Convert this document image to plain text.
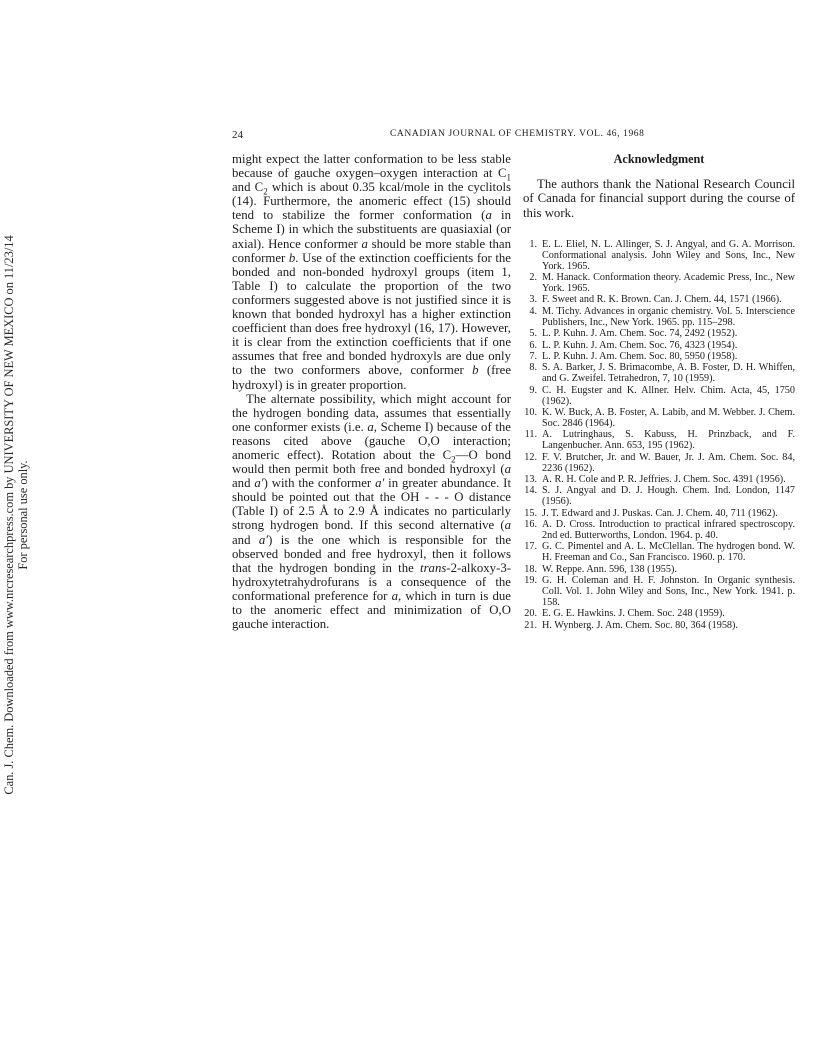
Can. J. Chem. Downloaded from www.nrcresearchpress.com by UNIVERSITY OF NEW MEXICO on 11/23/14 For personal use only.
24	CANADIAN JOURNAL OF CHEMISTRY. VOL. 46, 1968

might expect the latter conformation to be less stable because of gauche oxygen–oxygen interaction at $C_1$ and $C_2$ which is about 0.35 kcal/mole in the cyclitols (14). Furthermore, the anomeric effect (15) should tend to stabilize the former conformation (a in Scheme I) in which the substituents are quasiaxial (or axial). Hence conformer a should be more stable than conformer b. Use of the extinction coefficients for the bonded and non-bonded hydroxyl groups (item 1, Table I) to calculate the proportion of the two conformers suggested above is not justified since it is known that bonded hydroxyl has a higher extinction coefficient than does free hydroxyl (16, 17). However, it is clear from the extinction coefficients that if one assumes that free and bonded hydroxyls are due only to the two conformers above, conformer b (free hydroxyl) is in greater proportion.

The alternate possibility, which might account for the hydrogen bonding data, assumes that essentially one conformer exists (i.e. a, Scheme I) because of the reasons cited above (gauche O,O interaction; anomeric effect). Rotation about the $C_2—O$ bond would then permit both free and bonded hydroxyl (a and a′) with the conformer a′ in greater abundance. It should be pointed out that the OH - - - O distance (Table I) of 2.5 Å to 2.9 Å indicates no particularly strong hydrogen bond. If this second alternative (a and a′) is the one which is responsible for the observed bonded and free hydroxyl, then it follows that the hydrogen bonding in the trans-2-alkoxy-3-hydroxytetrahydrofurans is a consequence of the conformational preference for a, which in turn is due to the anomeric effect and minimization of O,O gauche interaction.

Acknowledgment

The authors thank the National Research Council of Canada for financial support during the course of this work.

1. E. L. Eliel, N. L. Allinger, S. J. Angyal, and G. A. Morrison. Conformational analysis. John Wiley and Sons, Inc., New York. 1965.
2. M. Hanack. Conformation theory. Academic Press, Inc., New York. 1965.
3. F. Sweet and R. K. Brown. Can. J. Chem. 44, 1571 (1966).
4. M. Tichy. Advances in organic chemistry. Vol. 5. Interscience Publishers, Inc., New York. 1965. pp. 115–298.
5. L. P. Kuhn. J. Am. Chem. Soc. 74, 2492 (1952).
6. L. P. Kuhn. J. Am. Chem. Soc. 76, 4323 (1954).
7. L. P. Kuhn. J. Am. Chem. Soc. 80, 5950 (1958).
8. S. A. Barker, J. S. Brimacombe, A. B. Foster, D. H. Whiffen, and G. Zweifel. Tetrahedron, 7, 10 (1959).
9. C. H. Eugster and K. Allner. Helv. Chim. Acta, 45, 1750 (1962).
10. K. W. Buck, A. B. Foster, A. Labib, and M. Webber. J. Chem. Soc. 2846 (1964).
11. A. Lutringhaus, S. Kabuss, H. Prinzback, and F. Langenbucher. Ann. 653, 195 (1962).
12. F. V. Brutcher, Jr. and W. Bauer, Jr. J. Am. Chem. Soc. 84, 2236 (1962).
13. A. R. H. Cole and P. R. Jeffries. J. Chem. Soc. 4391 (1956).
14. S. J. Angyal and D. J. Hough. Chem. Ind. London, 1147 (1956).
15. J. T. Edward and J. Puskas. Can. J. Chem. 40, 711 (1962).
16. A. D. Cross. Introduction to practical infrared spectroscopy. 2nd ed. Butterworths, London. 1964. p. 40.
17. G. C. Pimentel and A. L. McClellan. The hydrogen bond. W. H. Freeman and Co., San Francisco. 1960. p. 170.
18. W. Reppe. Ann. 596, 138 (1955).
19. G. H. Coleman and H. F. Johnston. In Organic synthesis. Coll. Vol. 1. John Wiley and Sons, Inc., New York. 1941. p. 158.
20. E. G. E. Hawkins. J. Chem. Soc. 248 (1959).
21. H. Wynberg. J. Am. Chem. Soc. 80, 364 (1958).
